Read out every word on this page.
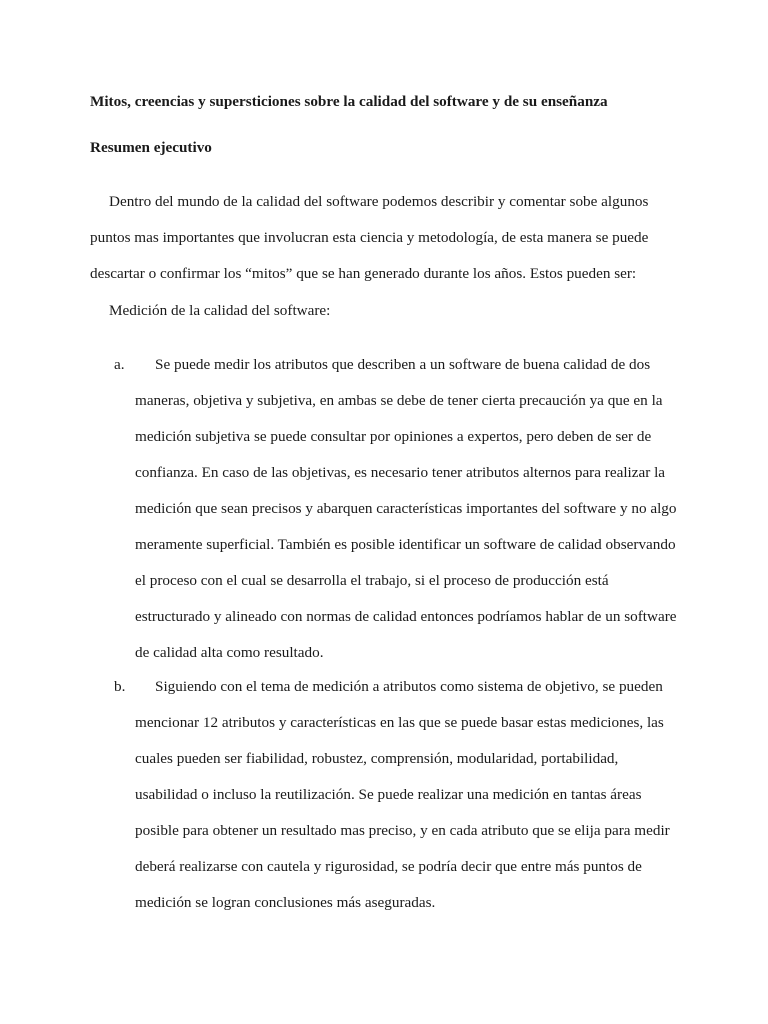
Mitos, creencias y supersticiones sobre la calidad del software y de su enseñanza
Resumen ejecutivo

Dentro del mundo de la calidad del software podemos describir y comentar sobe algunos
puntos mas importantes que involucran esta ciencia y metodología, de esta manera se puede
descartar o confirmar los “mitos” que se han generado durante los años. Estos pueden ser:

Medición de la calidad del software:
a.	Se puede medir los atributos que describen a un software de buena calidad de dos
maneras, objetiva y subjetiva, en ambas se debe de tener cierta precaución ya que en la
medición subjetiva se puede consultar por opiniones a expertos, pero deben de ser de
confianza. En caso de las objetivas, es necesario tener atributos alternos para realizar la
medición que sean precisos y abarquen características importantes del software y no algo
meramente superficial. También es posible identificar un software de calidad observando
el proceso con el cual se desarrolla el trabajo, si el proceso de producción está
estructurado y alineado con normas de calidad entonces podríamos hablar de un software
de calidad alta como resultado.
b.	Siguiendo con el tema de medición a atributos como sistema de objetivo, se pueden
mencionar 12 atributos y características en las que se puede basar estas mediciones, las
cuales pueden ser fiabilidad, robustez, comprensión, modularidad, portabilidad,
usabilidad o incluso la reutilización. Se puede realizar una medición en tantas áreas
posible para obtener un resultado mas preciso, y en cada atributo que se elija para medir
deberá realizarse con cautela y rigurosidad, se podría decir que entre más puntos de
medición se logran conclusiones más aseguradas.
